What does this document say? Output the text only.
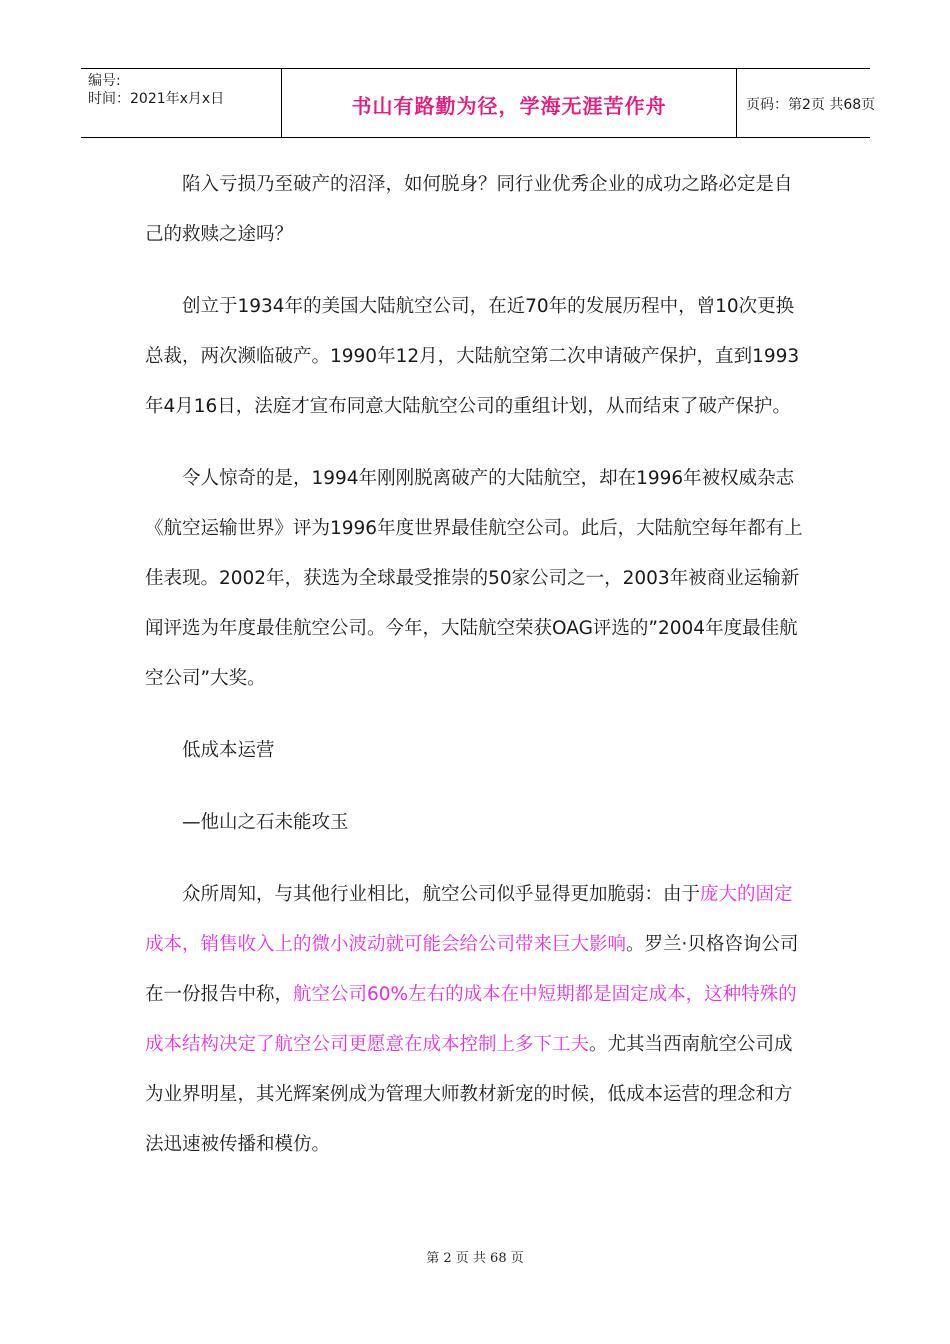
编号:
时间：2021年x月x日	书山有路勤为径，学海无涯苦作舟	页码：第2页 共68页

陷入亏损乃至破产的沼泽，如何脱身？同行业优秀企业的成功之路必定是自己的救赎之途吗？

创立于1934年的美国大陆航空公司，在近70年的发展历程中，曾10次更换总裁，两次濒临破产。1990年12月，大陆航空第二次申请破产保护，直到1993年4月16日，法庭才宣布同意大陆航空公司的重组计划，从而结束了破产保护。

令人惊奇的是，1994年刚刚脱离破产的大陆航空，却在1996年被权威杂志《航空运输世界》评为1996年度世界最佳航空公司。此后，大陆航空每年都有上佳表现。2002年，获选为全球最受推崇的50家公司之一，2003年被商业运输新闻评选为年度最佳航空公司。今年，大陆航空荣获OAG评选的”2004年度最佳航空公司”大奖。

低成本运营

—他山之石未能攻玉

众所周知，与其他行业相比，航空公司似乎显得更加脆弱：由于庞大的固定成本，销售收入上的微小波动就可能会给公司带来巨大影响。罗兰·贝格咨询公司在一份报告中称，航空公司60%左右的成本在中短期都是固定成本，这种特殊的成本结构决定了航空公司更愿意在成本控制上多下工夫。尤其当西南航空公司成为业界明星，其光辉案例成为管理大师教材新宠的时候，低成本运营的理念和方法迅速被传播和模仿。

第 2 页 共 68 页
